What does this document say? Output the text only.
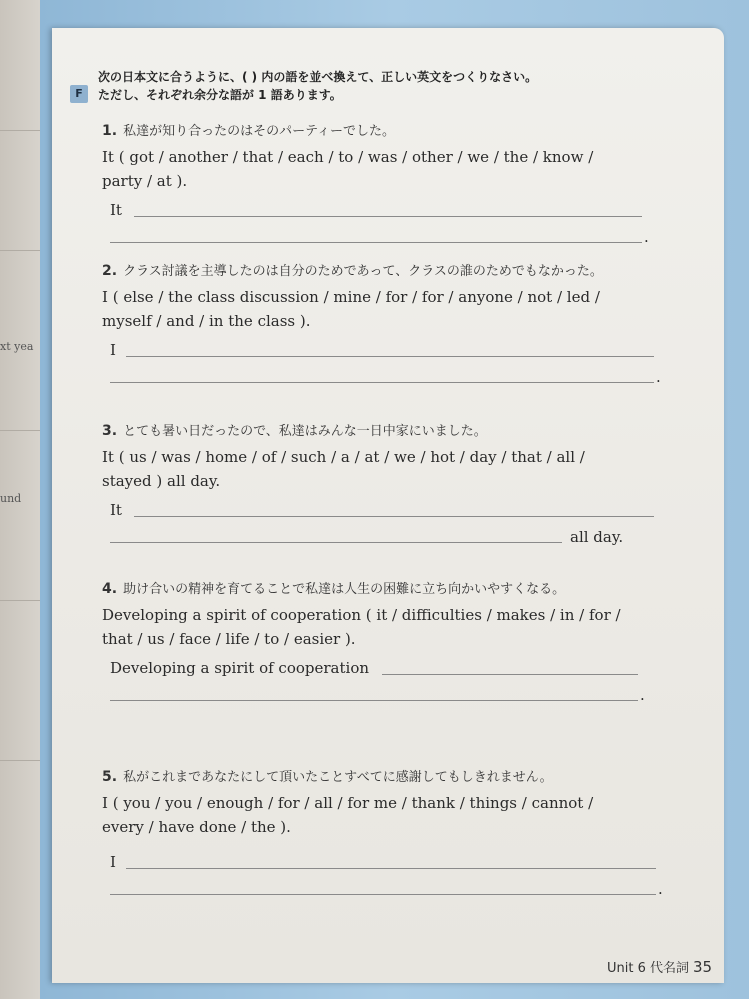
xt yea
und
F
次の日本文に合うように、( ) 内の語を並べ換えて、正しい英文をつくりなさい。
ただし、それぞれ余分な語が 1 語あります。
1. 私達が知り合ったのはそのパーティーでした。
It ( got / another / that / each / to / was / other / we / the / know /
party / at ).
It
.
2. クラス討議を主導したのは自分のためであって、クラスの誰のためでもなかった。
I ( else / the class discussion / mine / for / for / anyone / not / led /
myself / and / in the class ).
I
.
3. とても暑い日だったので、私達はみんな一日中家にいました。
It ( us / was / home / of / such / a / at / we / hot / day / that / all /
stayed ) all day.
It
all day.
4. 助け合いの精神を育てることで私達は人生の困難に立ち向かいやすくなる。
Developing a spirit of cooperation ( it / difficulties / makes / in / for /
that / us / face / life / to / easier ).
Developing a spirit of cooperation
.
5. 私がこれまであなたにして頂いたことすべてに感謝してもしきれません。
I ( you / you / enough / for / all / for me / thank / things / cannot /
every / have done / the ).
I
.
Unit 6 代名詞 35
